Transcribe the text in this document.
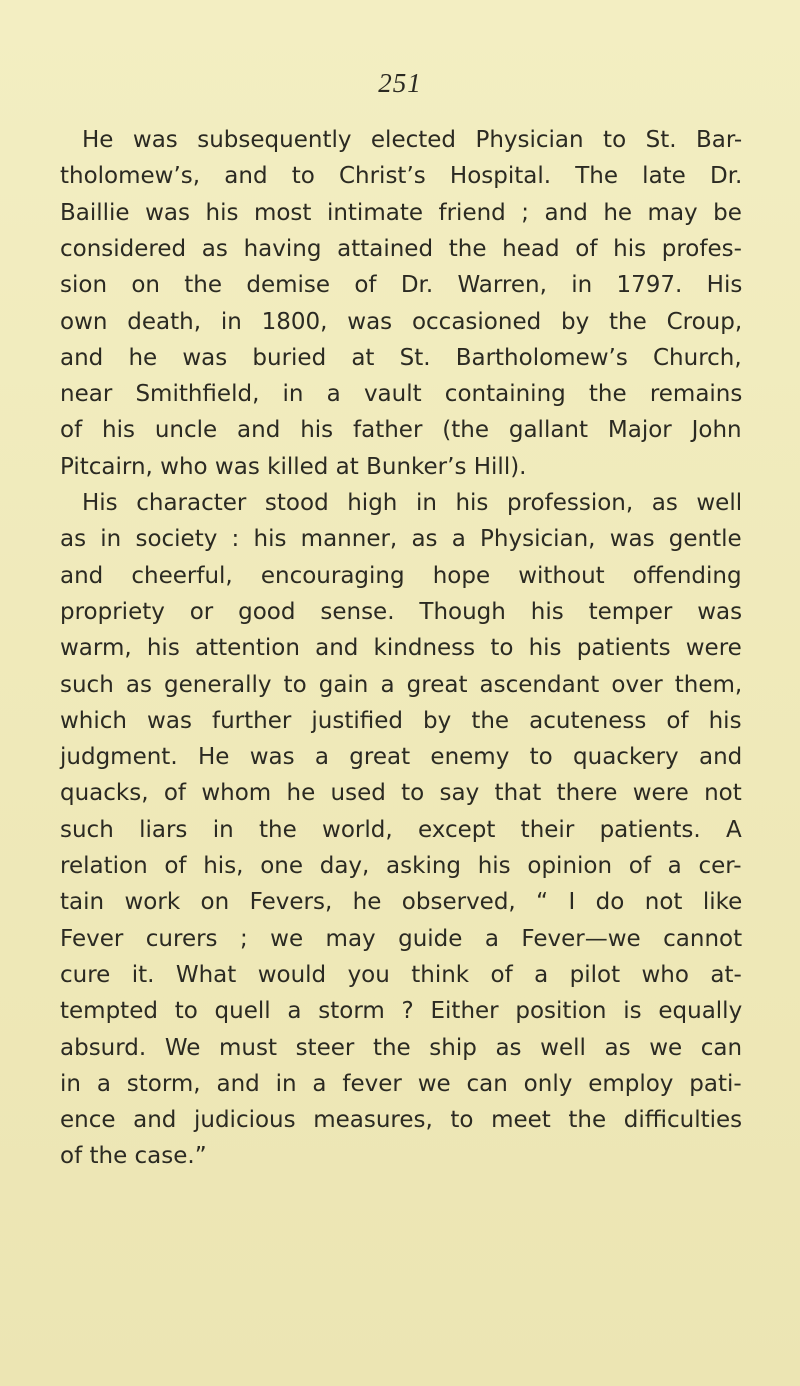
251
He was subsequently elected Physician to St. Bar-
tholomew’s, and to Christ’s Hospital. The late Dr.
Baillie was his most intimate friend ; and he may be
considered as having attained the head of his profes-
sion on the demise of Dr. Warren, in 1797. His
own death, in 1800, was occasioned by the Croup,
and he was buried at St. Bartholomew’s Church,
near Smithfield, in a vault containing the remains
of his uncle and his father (the gallant Major John
Pitcairn, who was killed at Bunker’s Hill).
His character stood high in his profession, as well
as in society : his manner, as a Physician, was gentle
and cheerful, encouraging hope without offending
propriety or good sense. Though his temper was
warm, his attention and kindness to his patients were
such as generally to gain a great ascendant over them,
which was further justified by the acuteness of his
judgment. He was a great enemy to quackery and
quacks, of whom he used to say that there were not
such liars in the world, except their patients. A
relation of his, one day, asking his opinion of a cer-
tain work on Fevers, he observed, “ I do not like
Fever curers ; we may guide a Fever—we cannot
cure it. What would you think of a pilot who at-
tempted to quell a storm ? Either position is equally
absurd. We must steer the ship as well as we can
in a storm, and in a fever we can only employ pati-
ence and judicious measures, to meet the difficulties
of the case.”
